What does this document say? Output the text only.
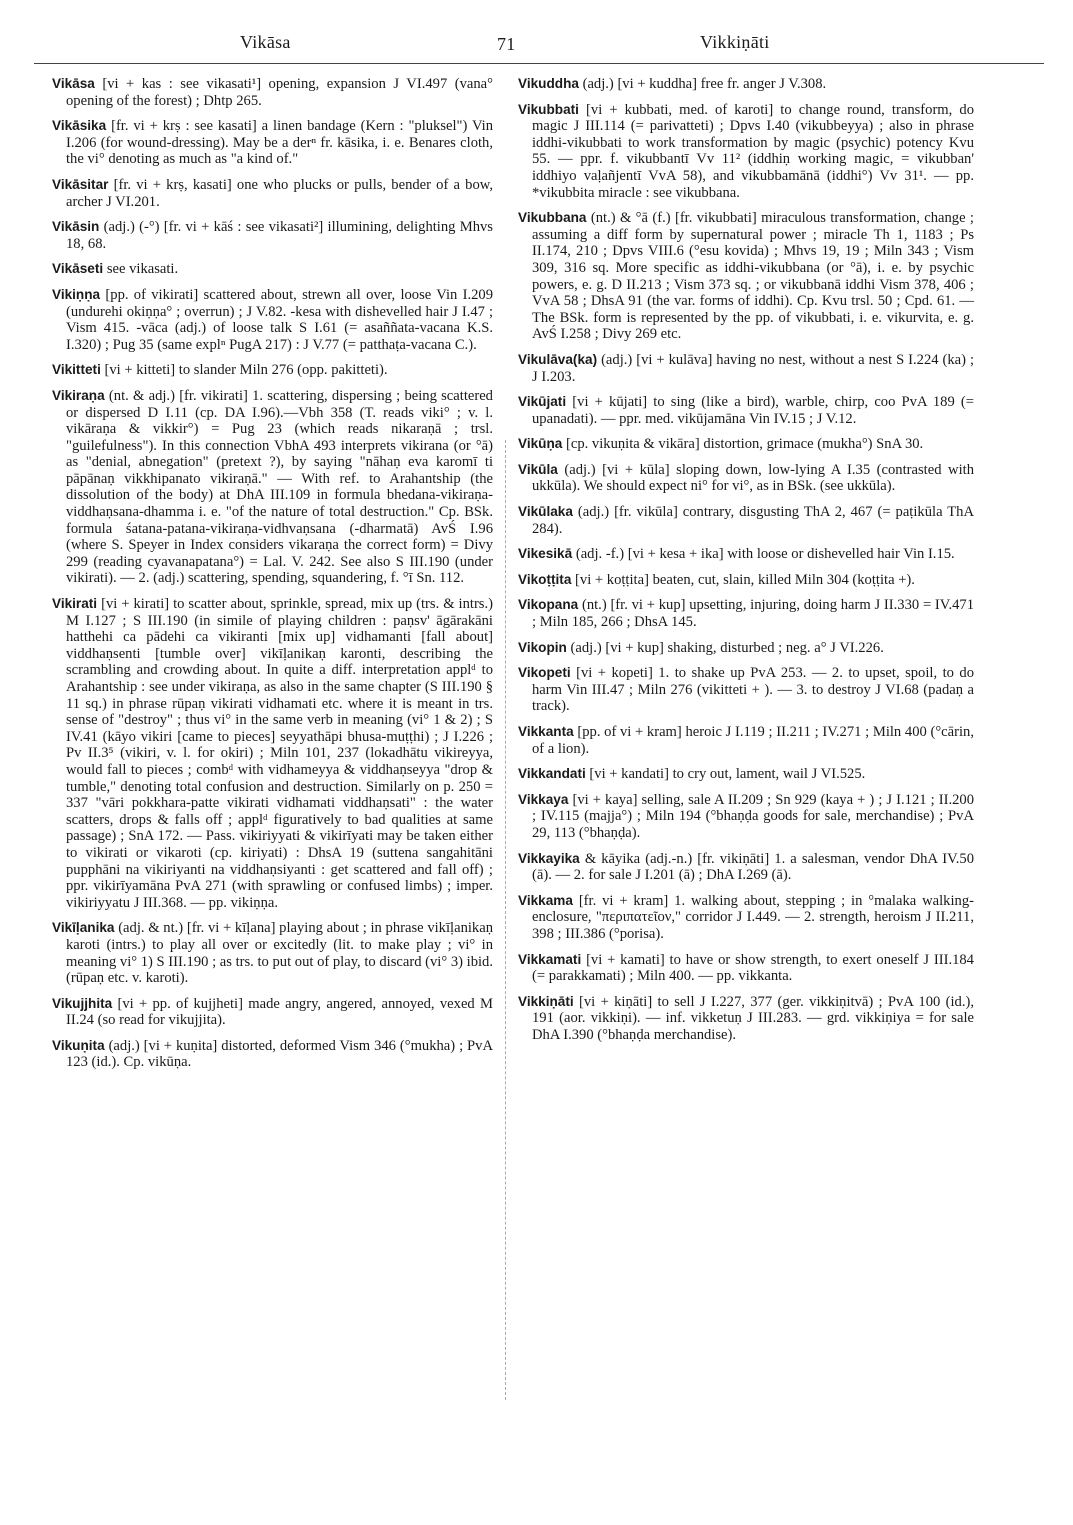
Vikāsa	71	Vikkiṇāti

Vikāsa [vi + kas : see vikasati¹] opening, expansion J VI.497 (vana° opening of the forest) ; Dhtp 265.

Vikāsika [fr. vi + krṣ : see kasati] a linen bandage (Kern : "pluksel") Vin I.206 (for wound-dressing). May be a derⁿ fr. kāsika, i. e. Benares cloth, the vi° denoting as much as "a kind of."

Vikāsitar [fr. vi + krṣ, kasati] one who plucks or pulls, bender of a bow, archer J VI.201.

Vikāsin (adj.) (-°) [fr. vi + kāś : see vikasati²] illumining, delighting Mhvs 18, 68.

Vikāseti see vikasati.

Vikiṇṇa [pp. of vikirati] scattered about, strewn all over, loose Vin I.209 (undurehi okiṇṇa° ; overrun) ; J V.82. -kesa with dishevelled hair J I.47 ; Vism 415. -vāca (adj.) of loose talk S I.61 (= asaññata-vacana K.S. I.320) ; Pug 35 (same explⁿ PugA 217) : J V.77 (= patthaṭa-vacana C.).

Vikitteti [vi + kitteti] to slander Miln 276 (opp. pakitteti).

Vikiraṇa (nt. & adj.) [fr. vikirati] 1. scattering, dispersing ; being scattered or dispersed D I.11 (cp. DA I.96).—Vbh 358 (T. reads viki° ; v. l. vikāraṇa & vikkir°) = Pug 23 (which reads nikaraṇā ; trsl. "guilefulness"). In this connection VbhA 493 interprets vikirana (or °ā) as "denial, abnegation" (pretext ?), by saying "nāhaṇ eva karomī ti pāpānaṇ vikkhipanato vikiraṇā." — With ref. to Arahantship (the dissolution of the body) at DhA III.109 in formula bhedana-vikiraṇa-viddhaṇsana-dhamma i. e. "of the nature of total destruction." Cp. BSk. formula śatana-patana-vikiraṇa-vidhvaṇsana (-dharmatā) AvŚ I.96 (where S. Speyer in Index considers vikaraṇa the correct form) = Divy 299 (reading cyavanapatana°) = Lal. V. 242. See also S III.190 (under vikirati). — 2. (adj.) scattering, spending, squandering, f. °ī Sn. 112.

Vikirati [vi + kirati] to scatter about, sprinkle, spread, mix up (trs. & intrs.) M I.127 ; S III.190 (in simile of playing children : paṇsv' āgārakāni hatthehi ca pādehi ca vikiranti [mix up] vidhamanti [fall about] viddhaṇsenti [tumble over] vikīḷanikaṇ karonti, describing the scrambling and crowding about. In quite a diff. interpretation applᵈ to Arahantship : see under vikiraṇa, as also in the same chapter (S III.190 § 11 sq.) in phrase rūpaṇ vikirati vidhamati etc. where it is meant in trs. sense of "destroy" ; thus vi° in the same verb in meaning (vi° 1 & 2) ; S IV.41 (kāyo vikiri [came to pieces] seyyathāpi bhusa-muṭṭhi) ; J I.226 ; Pv II.3⁵ (vikiri, v. l. for okiri) ; Miln 101, 237 (lokadhātu vikireyya, would fall to pieces ; combᵈ with vidhameyya & viddhaṇseyya "drop & tumble," denoting total confusion and destruction. Similarly on p. 250 = 337 "vāri pokkhara-patte vikirati vidhamati viddhaṇsati" : the water scatters, drops & falls off ; applᵈ figuratively to bad qualities at same passage) ; SnA 172. — Pass. vikiriyyati & vikirīyati may be taken either to vikirati or vikaroti (cp. kiriyati) : DhsA 19 (suttena sangahitāni pupphāni na vikiriyanti na viddhaṇsiyanti : get scattered and fall off) ; ppr. vikirīyamāna PvA 271 (with sprawling or confused limbs) ; imper. vikiriyyatu J III.368. — pp. vikiṇṇa.

Vikīḷanika (adj. & nt.) [fr. vi + kīḷana] playing about ; in phrase vikīḷanikaṇ karoti (intrs.) to play all over or excitedly (lit. to make play ; vi° in meaning vi° 1) S III.190 ; as trs. to put out of play, to discard (vi° 3) ibid. (rūpaṇ etc. v. karoti).

Vikujjhita [vi + pp. of kujjheti] made angry, angered, annoyed, vexed M II.24 (so read for vikujjita).

Vikuṇita (adj.) [vi + kuṇita] distorted, deformed Vism 346 (°mukha) ; PvA 123 (id.). Cp. vikūṇa.

Vikuddha (adj.) [vi + kuddha] free fr. anger J V.308.

Vikubbati [vi + kubbati, med. of karoti] to change round, transform, do magic J III.114 (= parivatteti) ; Dpvs I.40 (vikubbeyya) ; also in phrase iddhi-vikubbati to work transformation by magic (psychic) potency Kvu 55. — ppr. f. vikubbantī Vv 11² (iddhiṇ working magic, = vikubban' iddhiyo vaḷañjentī VvA 58), and vikubbamānā (iddhi°) Vv 31¹. — pp. *vikubbita miracle : see vikubbana.

Vikubbana (nt.) & °ā (f.) [fr. vikubbati] miraculous transformation, change ; assuming a diff form by supernatural power ; miracle Th 1, 1183 ; Ps II.174, 210 ; Dpvs VIII.6 (°esu kovida) ; Mhvs 19, 19 ; Miln 343 ; Vism 309, 316 sq. More specific as iddhi-vikubbana (or °ā), i. e. by psychic powers, e. g. D II.213 ; Vism 373 sq. ; or vikubbanā iddhi Vism 378, 406 ; VvA 58 ; DhsA 91 (the var. forms of iddhi). Cp. Kvu trsl. 50 ; Cpd. 61. — The BSk. form is represented by the pp. of vikubbati, i. e. vikurvita, e. g. AvŚ I.258 ; Divy 269 etc.

Vikulāva(ka) (adj.) [vi + kulāva] having no nest, without a nest S I.224 (ka) ; J I.203.

Vikūjati [vi + kūjati] to sing (like a bird), warble, chirp, coo PvA 189 (= upanadati). — ppr. med. vikūjamāna Vin IV.15 ; J V.12.

Vikūṇa [cp. vikuṇita & vikāra] distortion, grimace (mukha°) SnA 30.

Vikūla (adj.) [vi + kūla] sloping down, low-lying A I.35 (contrasted with ukkūla). We should expect ni° for vi°, as in BSk. (see ukkūla).

Vikūlaka (adj.) [fr. vikūla] contrary, disgusting ThA 2, 467 (= paṭikūla ThA 284).

Vikesikā (adj. -f.) [vi + kesa + ika] with loose or dishevelled hair Vin I.15.

Vikoṭṭita [vi + koṭṭita] beaten, cut, slain, killed Miln 304 (koṭṭita +).

Vikopana (nt.) [fr. vi + kup] upsetting, injuring, doing harm J II.330 = IV.471 ; Miln 185, 266 ; DhsA 145.

Vikopin (adj.) [vi + kup] shaking, disturbed ; neg. a° J VI.226.

Vikopeti [vi + kopeti] 1. to shake up PvA 253. — 2. to upset, spoil, to do harm Vin III.47 ; Miln 276 (vikitteti + ). — 3. to destroy J VI.68 (padaṇ a track).

Vikkanta [pp. of vi + kram] heroic J I.119 ; II.211 ; IV.271 ; Miln 400 (°cārin, of a lion).

Vikkandati [vi + kandati] to cry out, lament, wail J VI.525.

Vikkaya [vi + kaya] selling, sale A II.209 ; Sn 929 (kaya + ) ; J I.121 ; II.200 ; IV.115 (majja°) ; Miln 194 (°bhaṇḍa goods for sale, merchandise) ; PvA 29, 113 (°bhaṇḍa).

Vikkayika & kāyika (adj.-n.) [fr. vikiṇāti] 1. a salesman, vendor DhA IV.50 (ā). — 2. for sale J I.201 (ā) ; DhA I.269 (ā).

Vikkama [fr. vi + kram] 1. walking about, stepping ; in °malaka walking-enclosure, "περιπατεῖον," corridor J I.449. — 2. strength, heroism J II.211, 398 ; III.386 (°porisa).

Vikkamati [vi + kamati] to have or show strength, to exert oneself J III.184 (= parakkamati) ; Miln 400. — pp. vikkanta.

Vikkiṇāti [vi + kiṇāti] to sell J I.227, 377 (ger. vikkiṇitvā) ; PvA 100 (id.), 191 (aor. vikkiṇi). — inf. vikketuṇ J III.283. — grd. vikkiṇiya = for sale DhA I.390 (°bhaṇḍa merchandise).
